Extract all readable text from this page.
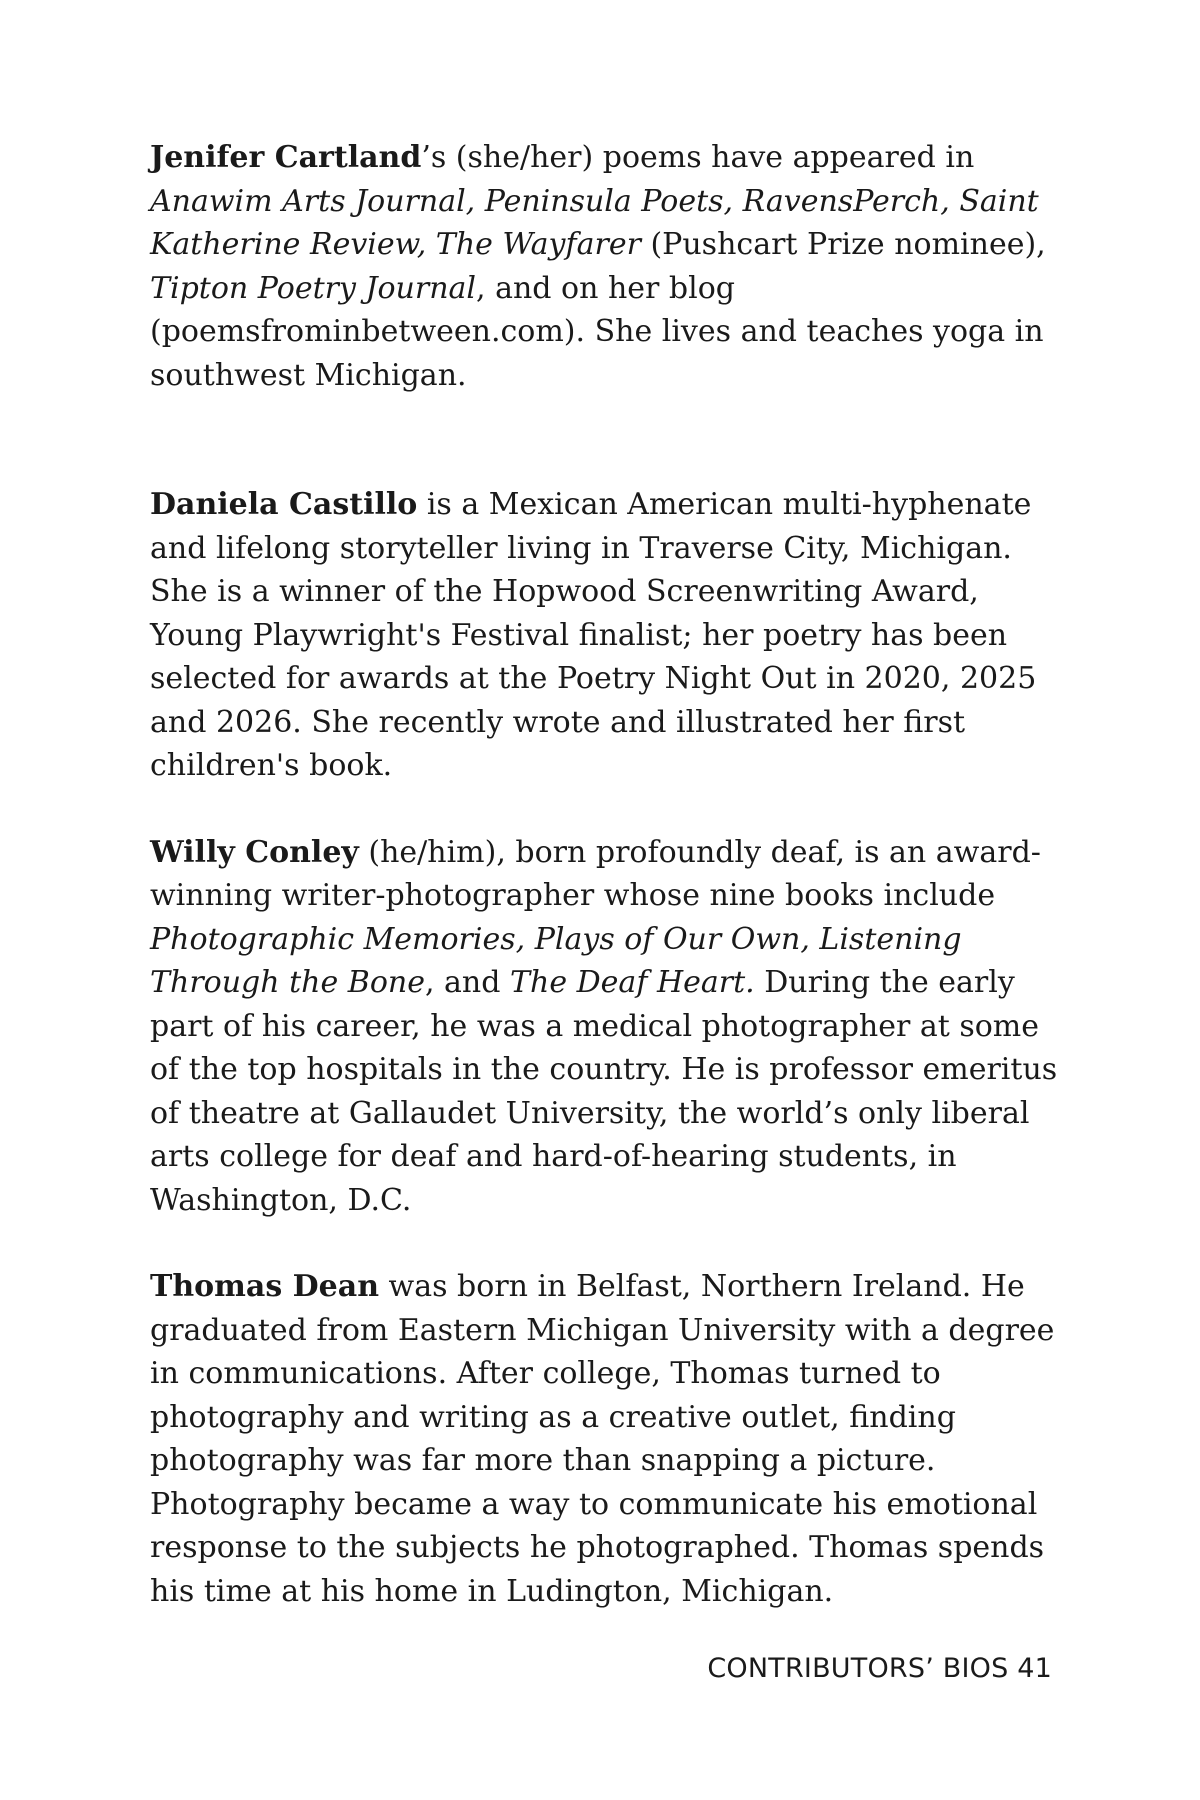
Jenifer Cartland’s (she/her) poems have appeared in Anawim Arts Journal, Peninsula Poets, RavensPerch, Saint Katherine Review, The Wayfarer (Pushcart Prize nominee), Tipton Poetry Journal, and on her blog (poemsfrominbetween.com). She lives and teaches yoga in southwest Michigan.

Daniela Castillo is a Mexican American multi-hyphenate and lifelong storyteller living in Traverse City, Michigan. She is a winner of the Hopwood Screenwriting Award, Young Playwright's Festival finalist; her poetry has been selected for awards at the Poetry Night Out in 2020, 2025 and 2026. She recently wrote and illustrated her first children's book.

Willy Conley (he/him), born profoundly deaf, is an award-winning writer-photographer whose nine books include Photographic Memories, Plays of Our Own, Listening Through the Bone, and The Deaf Heart. During the early part of his career, he was a medical photographer at some of the top hospitals in the country. He is professor emeritus of theatre at Gallaudet University, the world’s only liberal arts college for deaf and hard-of-hearing students, in Washington, D.C.

Thomas Dean was born in Belfast, Northern Ireland. He graduated from Eastern Michigan University with a degree in communications. After college, Thomas turned to photography and writing as a creative outlet, finding photography was far more than snapping a picture. Photography became a way to communicate his emotional response to the subjects he photographed. Thomas spends his time at his home in Ludington, Michigan.

CONTRIBUTORS’ BIOS 41
